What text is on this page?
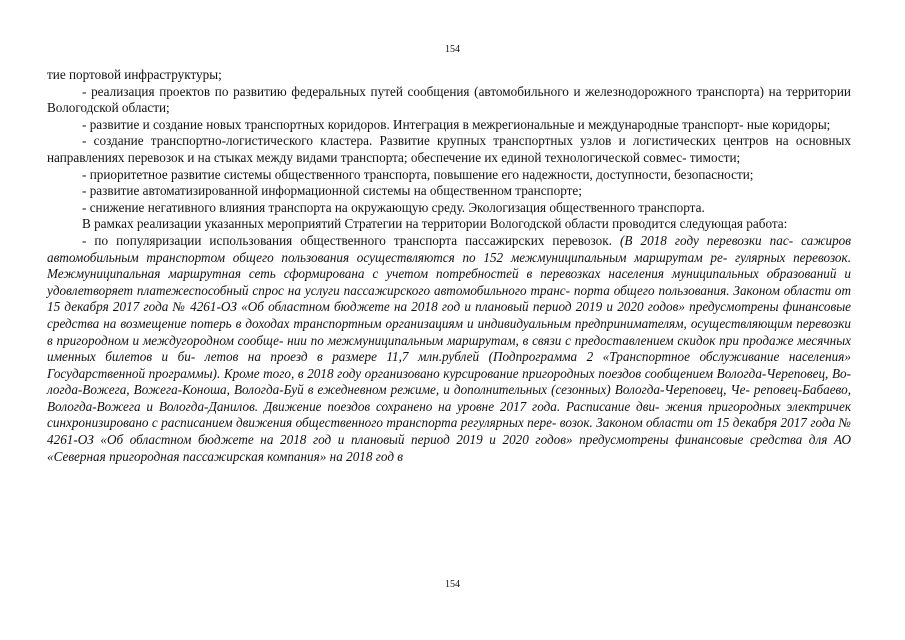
154

тие портовой инфраструктуры;

- реализация проектов по развитию федеральных путей сообщения (автомобильного и железнодорожного транспорта) на территории Вологодской области;

- развитие и создание новых транспортных коридоров. Интеграция в межрегиональные и международные транспорт- ные коридоры;

- создание транспортно-логистического кластера. Развитие крупных транспортных узлов и логистических центров на основных направлениях перевозок и на стыках между видами транспорта; обеспечение их единой технологической совмес- тимости;

- приоритетное развитие системы общественного транспорта, повышение его надежности, доступности, безопасности;

- развитие автоматизированной информационной системы на общественном транспорте;

- снижение негативного влияния транспорта на окружающую среду. Экологизация общественного транспорта.

В рамках реализации указанных мероприятий Стратегии на территории Вологодской области проводится следующая работа:

- по популяризации использования общественного транспорта пассажирских перевозок. (В 2018 году перевозки пас- сажиров автомобильным транспортом общего пользования осуществляются по 152 межмуниципальным маршрутам ре- гулярных перевозок. Межмуниципальная маршрутная сеть сформирована с учетом потребностей в перевозках населения муниципальных образований и удовлетворяет платежеспособный спрос на услуги пассажирского автомобильного транс- порта общего пользования. Законом области от 15 декабря 2017 года № 4261-ОЗ «Об областном бюджете на 2018 год и плановый период 2019 и 2020 годов» предусмотрены финансовые средства на возмещение потерь в доходах транспортным организациям и индивидуальным предпринимателям, осуществляющим перевозки в пригородном и междугородном сообще- нии по межмуниципальным маршрутам, в связи с предоставлением скидок при продаже месячных именных билетов и би- летов на проезд в размере 11,7 млн.рублей (Подпрограмма 2 «Транспортное обслуживание населения» Государственной программы). Кроме того, в 2018 году организовано курсирование пригородных поездов сообщением Вологда-Череповец, Во- логда-Вожега, Вожега-Коноша, Вологда-Буй в ежедневном режиме, и дополнительных (сезонных) Вологда-Череповец, Че- реповец-Бабаево, Вологда-Вожега и Вологда-Данилов. Движение поездов сохранено на уровне 2017 года. Расписание дви- жения пригородных электричек синхронизировано с расписанием движения общественного транспорта регулярных пере- возок. Законом области от 15 декабря 2017 года № 4261-ОЗ «Об областном бюджете на 2018 год и плановый период 2019 и 2020 годов» предусмотрены финансовые средства для АО «Северная пригородная пассажирская компания» на 2018 год в

154
